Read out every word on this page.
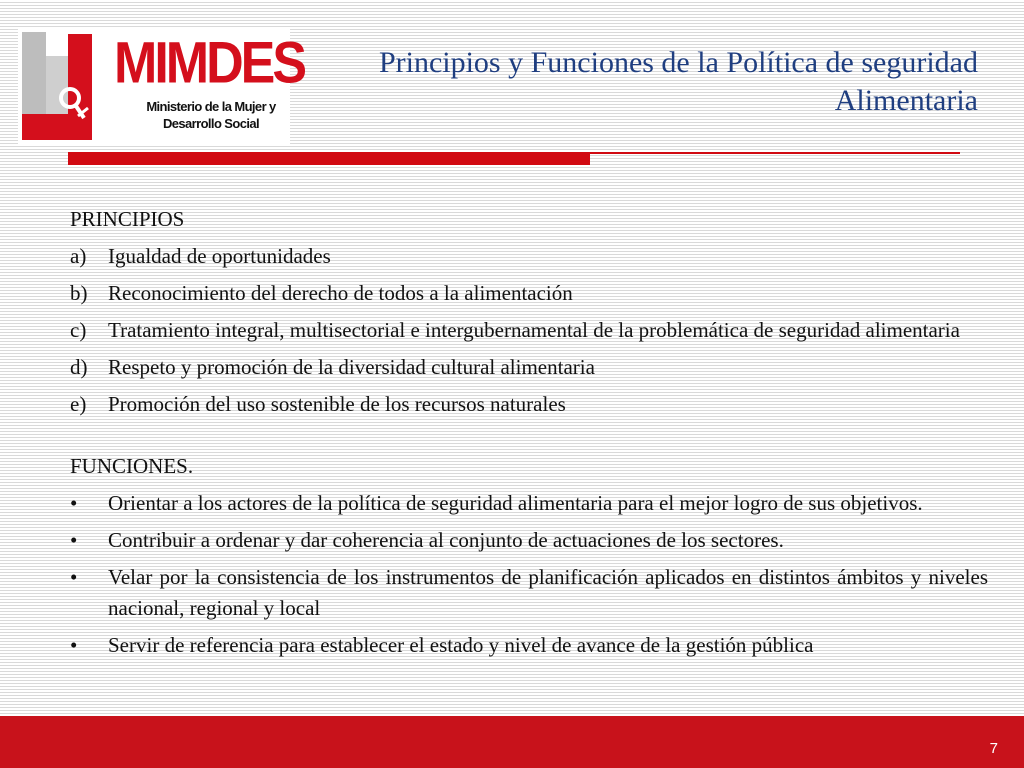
MIMDES
Ministerio de la Mujer y Desarrollo Social
Principios y Funciones de la Política de seguridad Alimentaria

PRINCIPIOS

a) Igualdad de oportunidades
b) Reconocimiento del derecho de todos a la alimentación
c) Tratamiento integral, multisectorial e intergubernamental de la problemática de seguridad alimentaria
d) Respeto y promoción de la diversidad cultural alimentaria
e) Promoción del uso sostenible de los recursos naturales

FUNCIONES.

• Orientar a los actores de la política de seguridad alimentaria para el mejor logro de sus objetivos.
• Contribuir a ordenar y dar coherencia al conjunto de actuaciones de los sectores.
• Velar por la consistencia de los instrumentos de planificación aplicados en distintos ámbitos y niveles nacional, regional y local
• Servir de referencia para establecer el estado y nivel de avance de la gestión pública
7
